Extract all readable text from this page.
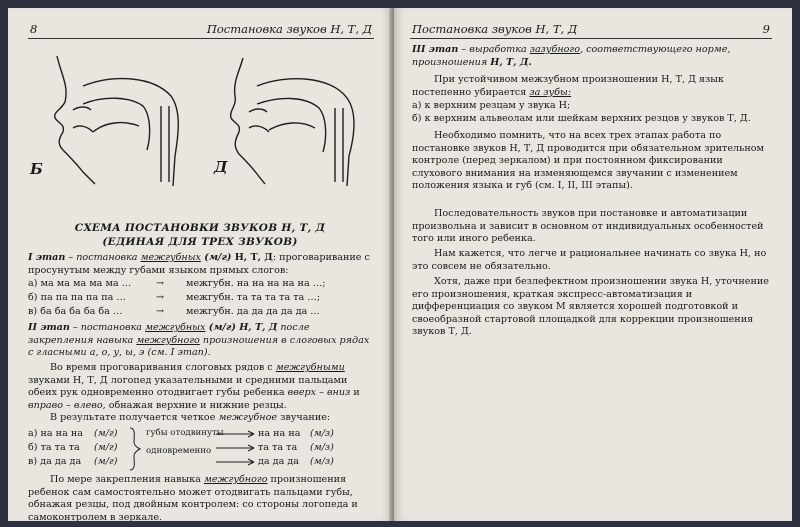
8	Постановка звуков Н, Т, Д
Б	Д
СХЕМА ПОСТАНОВКИ ЗВУКОВ Н, Т, Д
(ЕДИНАЯ ДЛЯ ТРЕХ ЗВУКОВ)
I этап – постановка межгубных (м/г) Н, Т, Д: проговаривание с просунутым между губами языком прямых слогов:
а) ма ма ма ма ма …	→ межгубн. на на на на на …;
б) па па па па па …	→ межгубн. та та та та та …;
в) ба ба ба ба ба …	→ межгубн. да да да да да …
II этап – постановка межгубных (м/г) Н, Т, Д после закрепления навыка межгубного произношения в слоговых рядах с гласными а, о, у, ы, э (см. I этап).
Во время проговаривания слоговых рядов с межгубными звуками Н, Т, Д логопед указательными и средними пальцами обеих рук одновременно отодвигает губы ребенка вверх – вниз и вправо – влево, обнажая верхние и нижние резцы.
В результате получается четкое межгубное звучание:
а) на на на (м/г)
б) та та та (м/г)
в) да да да (м/г)
губы отодвинуты
одновременно
на на на (м/з)
та та та (м/з)
да да да (м/з)
По мере закрепления навыка межгубного произношения ребенок сам самостоятельно может отодвигать пальцами губы, обнажая резцы, под двойным контролем: со стороны логопеда и самоконтролем в зеркале.
Постановка звуков Н, Т, Д	9
III этап – выработка зазубного, соответствующего норме, произношения Н, Т, Д.
При устойчивом межзубном произношении Н, Т, Д язык постепенно убирается за зубы:
а) к верхним резцам у звука Н;
б) к верхним альвеолам или шейкам верхних резцов у звуков Т, Д.
Необходимо помнить, что на всех трех этапах работа по постановке звуков Н, Т, Д проводится при обязательном зрительном контроле (перед зеркалом) и при постоянном фиксировании слухового внимания на изменяющемся звучании с изменением положения языка и губ (см. I, II, III этапы).
Последовательность звуков при постановке и автоматизации произвольна и зависит в основном от индивидуальных особенностей того или иного ребенка.
Нам кажется, что легче и рациональнее начинать со звука Н, но это совсем не обязательно.
Хотя, даже при безлефектном произношении звука Н, уточнение его произношения, краткая экспресс-автоматизация и дифференциация со звуком М является хорошей подготовкой и своеобразной стартовой площадкой для коррекции произношения звуков Т, Д.
